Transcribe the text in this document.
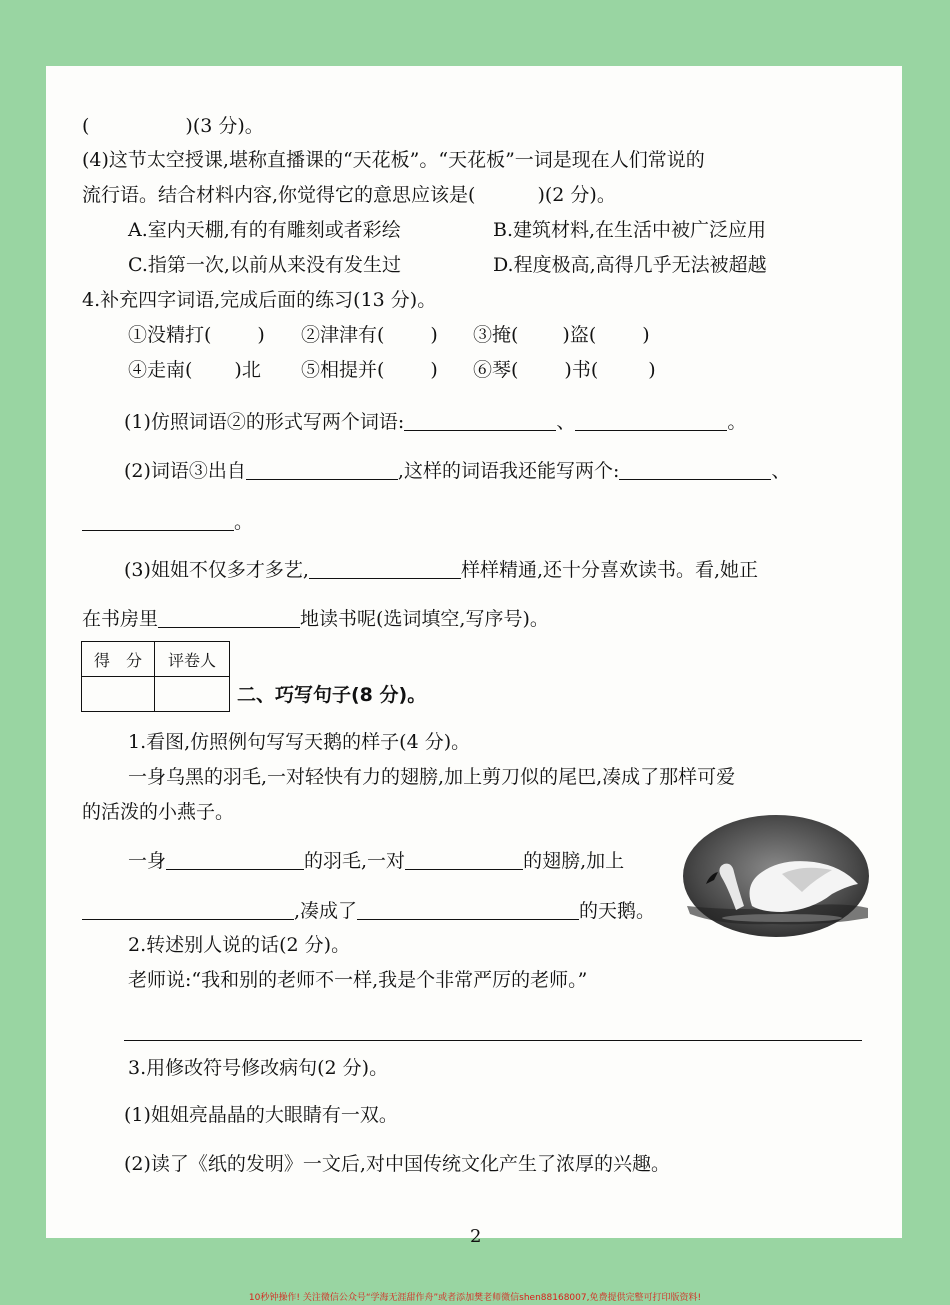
(	)(3 分)。
(4)这节太空授课,堪称直播课的“天花板”。“天花板”一词是现在人们常说的
流行语。结合材料内容,你觉得它的意思应该是(	)(2 分)。
A.室内天棚,有的有雕刻或者彩绘	B.建筑材料,在生活中被广泛应用
C.指第一次,以前从来没有发生过	D.程度极高,高得几乎无法被超越
4.补充四字词语,完成后面的练习(13 分)。
①没精打( ) ②津津有( ) ③掩( )盗( )
④走南( )北 ⑤相提并( ) ⑥琴( )书(	)
(1)仿照词语②的形式写两个词语:	、	。
(2)词语③出自	,这样的词语我还能写两个:	、
。
(3)姐姐不仅多才多艺,	样样精通,还十分喜欢读书。看,她正
在书房里	地读书呢(选词填空,写序号)。
得　分	评卷人

二、巧写句子(8 分)。
1.看图,仿照例句写写天鹅的样子(4 分)。
一身乌黑的羽毛,一对轻快有力的翅膀,加上剪刀似的尾巴,凑成了那样可爱
的活泼的小燕子。
一身	的羽毛,一对	的翅膀,加上
,凑成了	的天鹅。
2.转述别人说的话(2 分)。
老师说:“我和别的老师不一样,我是个非常严厉的老师。”
3.用修改符号修改病句(2 分)。
(1)姐姐亮晶晶的大眼睛有一双。
(2)读了《纸的发明》一文后,对中国传统文化产生了浓厚的兴趣。
2
10秒钟操作! 关注微信公众号“学海无涯甜作舟”或者添加樊老师微信shen88168007,免费提供完整可打印版资料!
